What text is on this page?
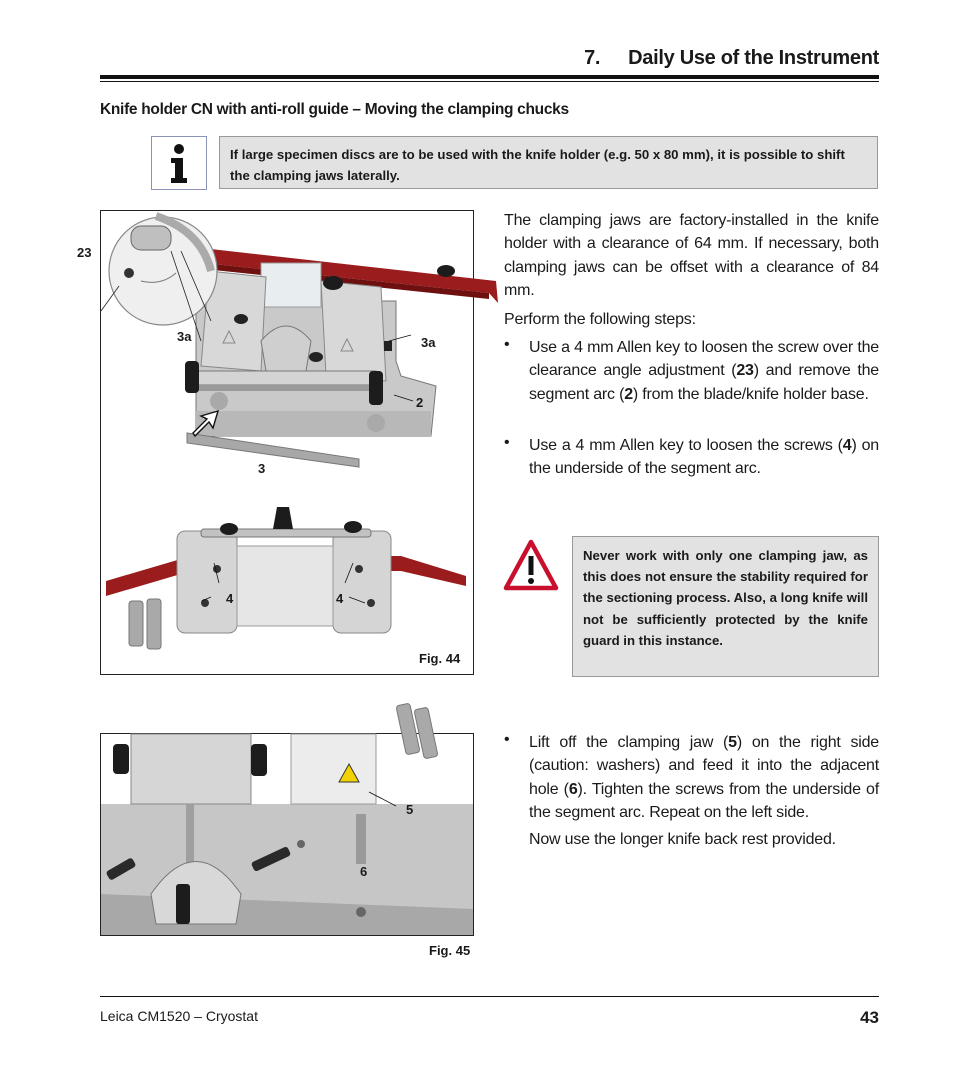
7. Daily Use of the Instrument
Knife holder CN with anti-roll guide – Moving the clamping chucks
If large specimen discs are to be used with the knife holder (e.g. 50 x 80 mm), it is possible to shift the clamping jaws laterally.
23
3a	3a
2
3
4	4
Fig. 44
The clamping jaws are factory-installed in the knife holder with a clearance of 64 mm. If necessary, both clamping jaws can be offset with a clearance of 84 mm.
Perform the following steps:
• Use a 4 mm Allen key to loosen the screw over the clearance angle adjustment (23) and remove the segment arc (2) from the blade/knife holder base.
• Use a 4 mm Allen key to loosen the screws (4) on the underside of the segment arc.
Never work with only one clamping jaw, as this does not ensure the stability required for the sectioning process. Also, a long knife will not be sufficiently protected by the knife guard in this instance.
5
6
Fig. 45
• Lift off the clamping jaw (5) on the right side (caution: washers) and feed it into the adjacent hole (6). Tighten the screws from the underside of the segment arc. Repeat on the left side.
Now use the longer knife back rest provided.
Leica CM1520 – Cryostat	43
